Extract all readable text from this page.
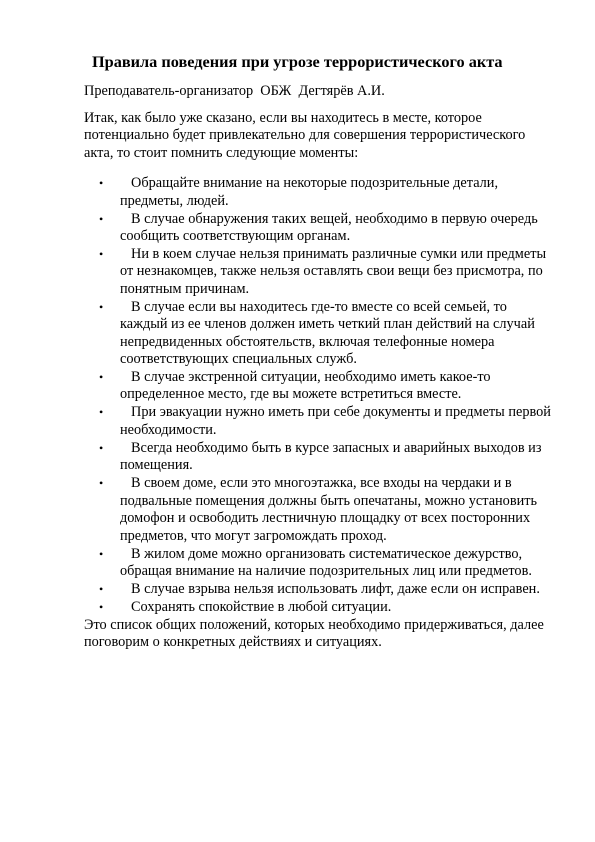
Правила поведения при угрозе террористического акта
Преподаватель-организатор  ОБЖ  Дегтярёв А.И.
Итак, как было уже сказано, если вы находитесь в месте, которое потенциально будет привлекательно для совершения террористического акта, то стоит помнить следующие моменты:
•	Обращайте внимание на некоторые подозрительные детали, предметы, людей.
•	В случае обнаружения таких вещей, необходимо в первую очередь сообщить соответствующим органам.
•	Ни в коем случае нельзя принимать различные сумки или предметы от незнакомцев, также нельзя оставлять свои вещи без присмотра, по понятным причинам.
•	В случае если вы находитесь где-то вместе со всей семьей, то каждый из ее членов должен иметь четкий план действий на случай непредвиденных обстоятельств, включая телефонные номера соответствующих специальных служб.
•	В случае экстренной ситуации, необходимо иметь какое-то определенное место, где вы можете встретиться вместе.
•	При эвакуации нужно иметь при себе документы и предметы первой необходимости.
•	Всегда необходимо быть в курсе запасных и аварийных выходов из помещения.
•	В своем доме, если это многоэтажка, все входы на чердаки и в подвальные помещения должны быть опечатаны, можно установить домофон и освободить лестничную площадку от всех посторонних предметов, что могут загромождать проход.
•	В жилом доме можно организовать систематическое дежурство, обращая внимание на наличие подозрительных лиц или предметов.
•	В случае взрыва нельзя использовать лифт, даже если он исправен.
•	Сохранять спокойствие в любой ситуации.
Это список общих положений, которых необходимо придерживаться, далее поговорим о конкретных действиях и ситуациях.
